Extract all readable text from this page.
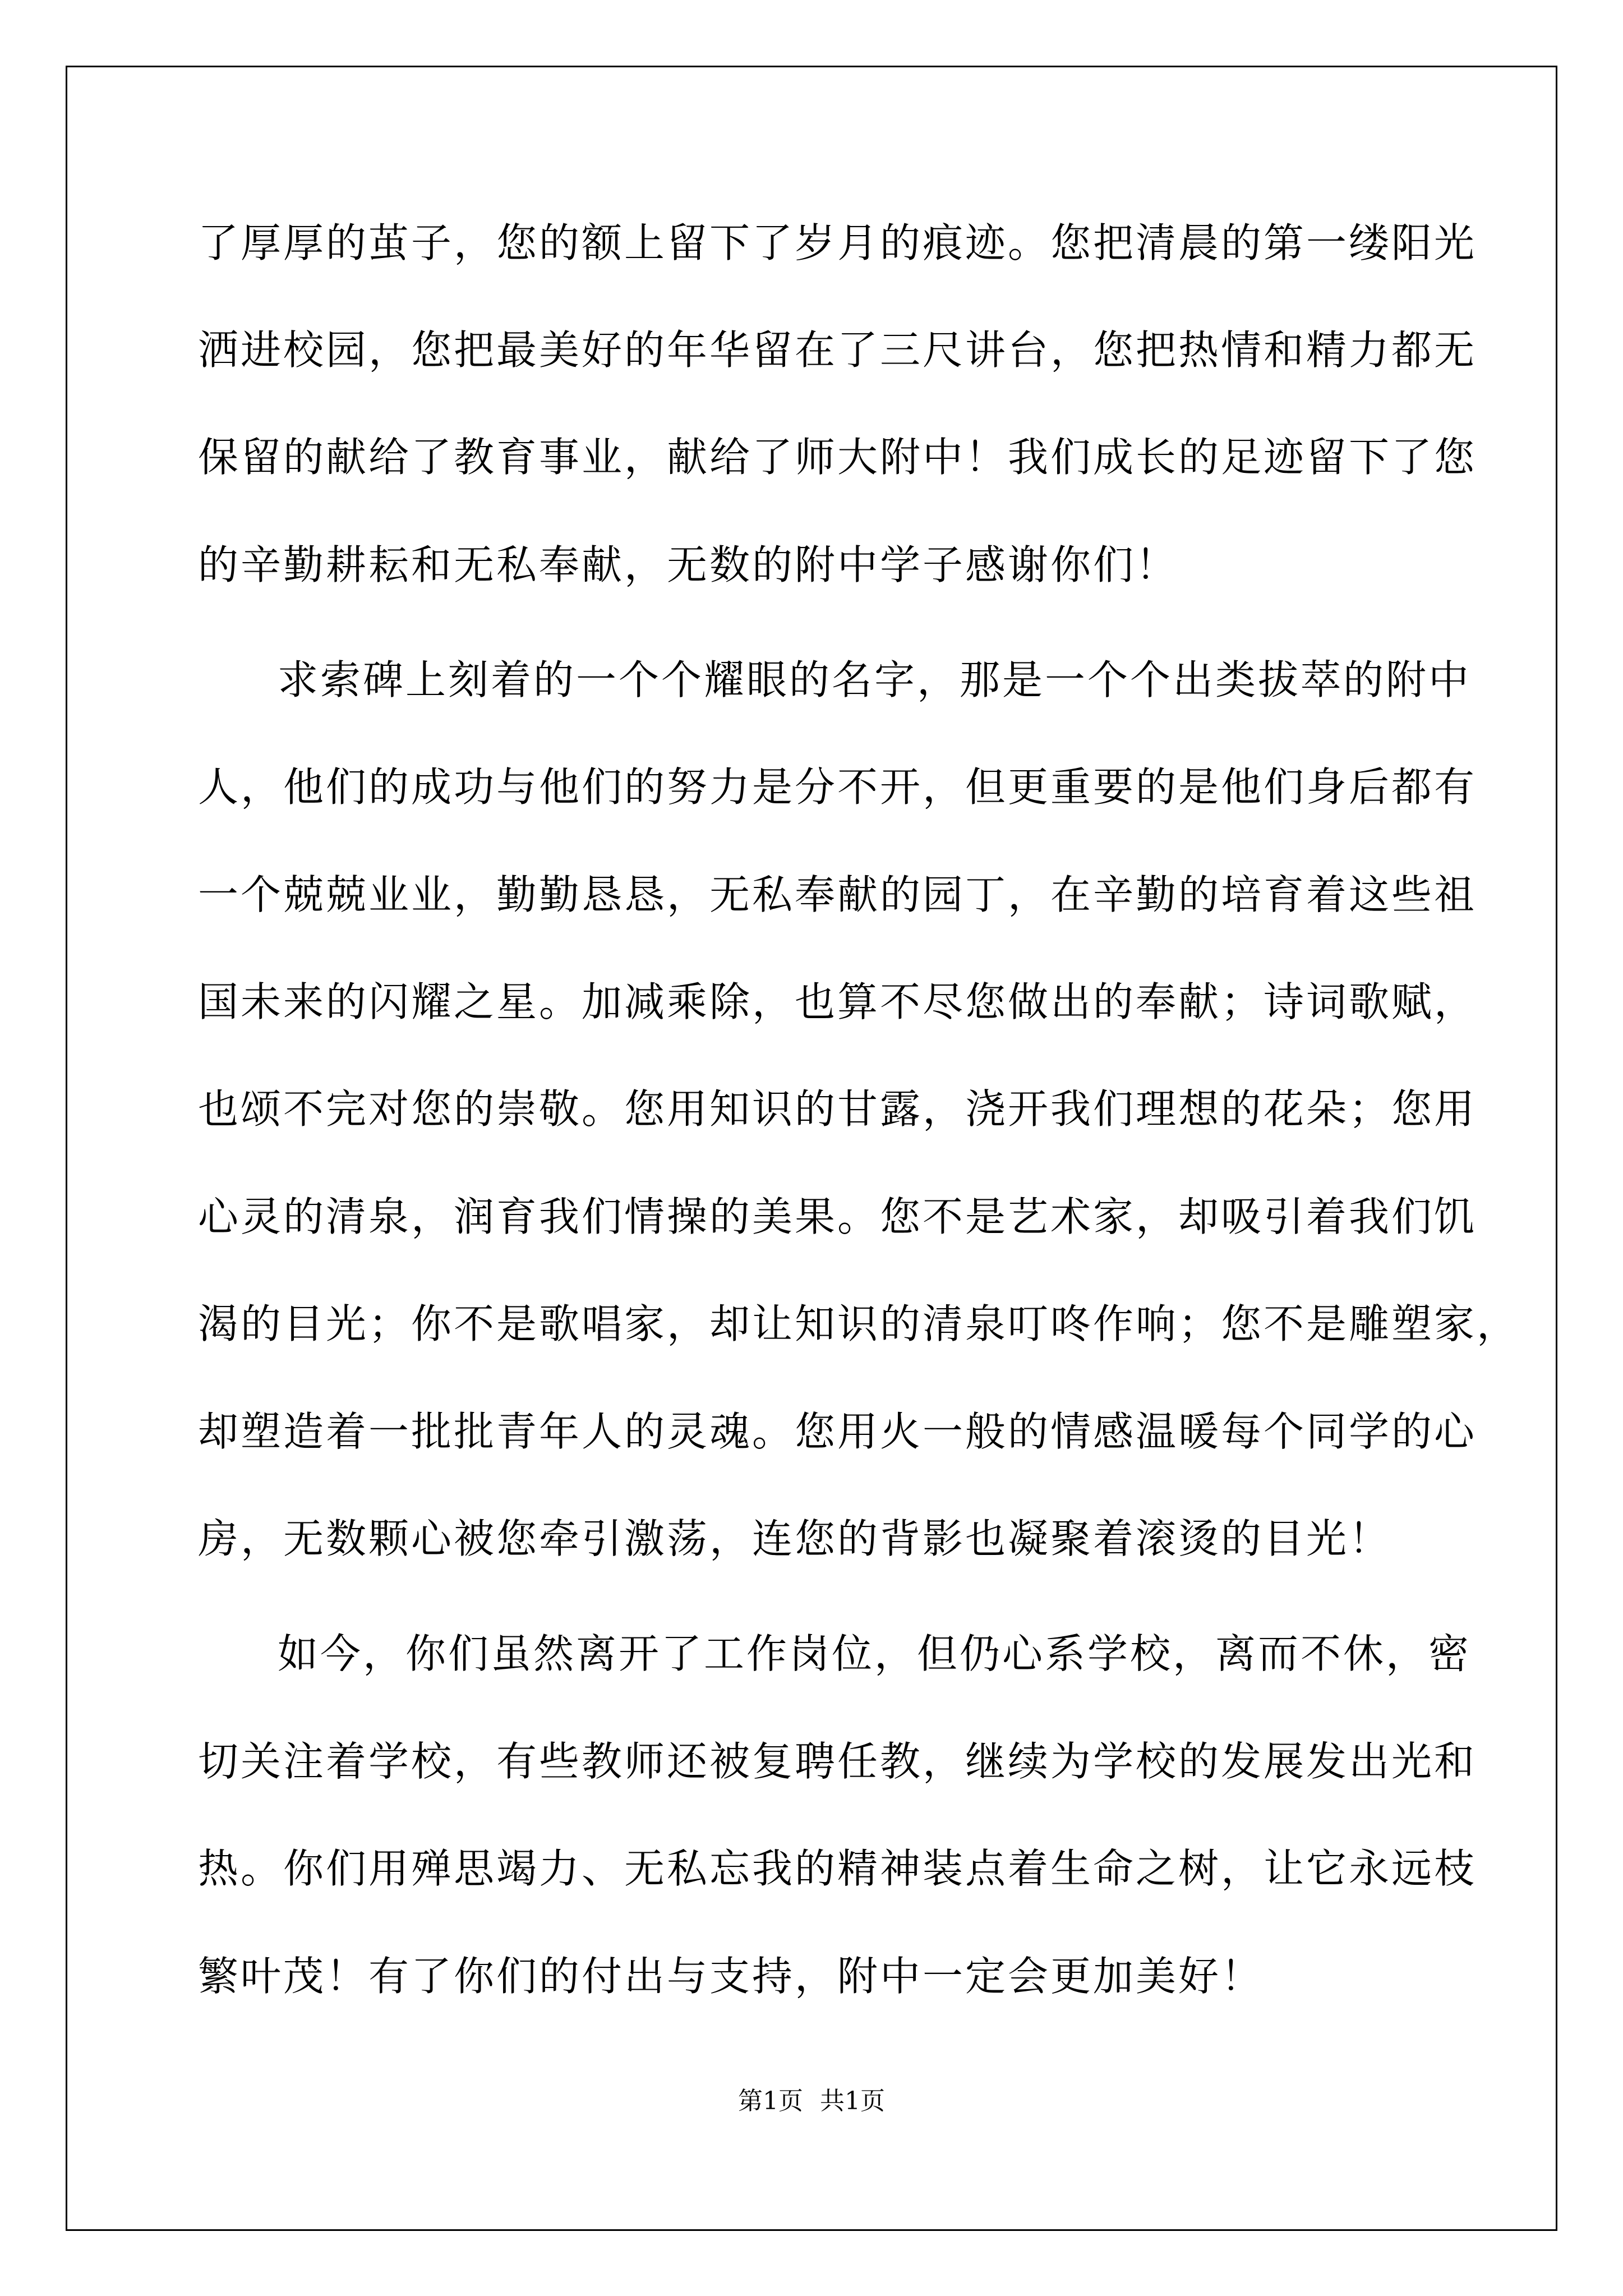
了厚厚的茧子，您的额上留下了岁月的痕迹。您把清晨的第一缕阳光

洒进校园，您把最美好的年华留在了三尺讲台，您把热情和精力都无

保留的献给了教育事业，献给了师大附中！我们成长的足迹留下了您

的辛勤耕耘和无私奉献，无数的附中学子感谢你们！

求索碑上刻着的一个个耀眼的名字，那是一个个出类拔萃的附中

人，他们的成功与他们的努力是分不开，但更重要的是他们身后都有

一个兢兢业业，勤勤恳恳，无私奉献的园丁，在辛勤的培育着这些祖

国未来的闪耀之星。加减乘除，也算不尽您做出的奉献；诗词歌赋，

也颂不完对您的崇敬。您用知识的甘露，浇开我们理想的花朵；您用

心灵的清泉，润育我们情操的美果。您不是艺术家，却吸引着我们饥

渴的目光；你不是歌唱家，却让知识的清泉叮咚作响；您不是雕塑家，

却塑造着一批批青年人的灵魂。您用火一般的情感温暖每个同学的心

房，无数颗心被您牵引激荡，连您的背影也凝聚着滚烫的目光！

如今，你们虽然离开了工作岗位，但仍心系学校，离而不休，密

切关注着学校，有些教师还被复聘任教，继续为学校的发展发出光和

热。你们用殚思竭力、无私忘我的精神装点着生命之树，让它永远枝

繁叶茂！有了你们的付出与支持，附中一定会更加美好！

第1页 共1页
